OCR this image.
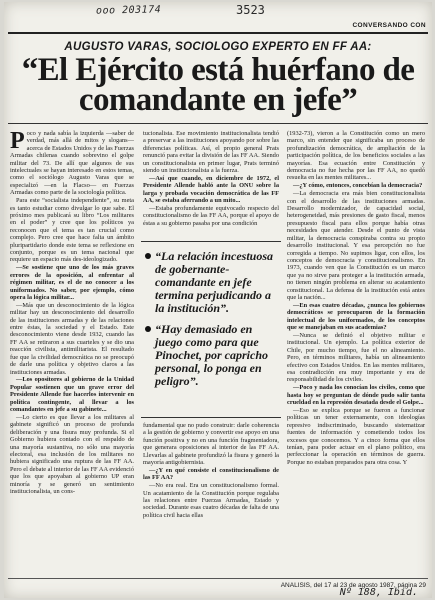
ooo 203174	3523
CONVERSANDO CON
AUGUSTO VARAS, SOCIOLOGO EXPERTO EN FF AA:
“El Ejército está huérfano de comandante en jefe”

Poco y nada sabía la izquierda —saber de verdad, más allá de mitos y slogans— acerca de Estados Unidos y de las Fuerzas Armadas chilenas cuando sobrevino el golpe militar del 73. De allí que algunos de sus intelectuales se hayan interesado en estos temas, como el sociólogo Augusto Varas que se especializó —en la Flacso— en Fuerzas Armadas como parte de la sociología política.

Para este “socialista independiente”, su meta es tanto estudiar como divulgar lo que sabe. El próximo mes publicará su libro “Los militares en el poder” y cree que los políticos ya reconocen que el tema es tan crucial como complejo. Pero cree que hace falta un ámbito pluripartidario donde este tema se reflexione en conjunto, porque es un tema nacional que requiere un espacio más des-ideologizado.

—Se sostiene que uno de los más graves errores de la oposición, al enfrentar al régimen militar, es el de no conocer a los uniformados. No saber, por ejemplo, cómo opera la lógica militar...

—Más que un desconocimiento de la lógica militar hay un desconocimiento del desarrollo de las instituciones armadas y de las relaciones entre éstas, la sociedad y el Estado. Este desconocimiento viene desde 1932, cuando las FF AA se retiraron a sus cuarteles y se dio una reacción civilista, antimilitarista. El resultado fue que la civilidad democrática no se preocupó de darle una política y objetivo claros a las instituciones armadas.

—Los opositores al gobierno de la Unidad Popular sostienen que un grave error del Presidente Allende fue hacerlos intervenir en política contingente, al llevar a los comandantes en jefe a su gabinete...

—Lo cierto es que llevar a los militares al gabinete significó un proceso de profunda deliberación y una fisura muy profunda. Si el Gobierno hubiera contado con el respaldo de una mayoría sustantiva, no sólo una mayoría electoral, esa inclusión de los militares no hubiera significado una ruptura de las FF AA. Pero el debate al interior de las FF AA evidenció que los que apoyaban al gobierno UP eran minoría y se generó un sentimiento institucionalista, un cons-

tucionalista. Ese movimiento institucionalista tendió a preservar a las instituciones apoyando por sobre las diferencias políticas. Así, el propio general Prats renunció para evitar la división de las FF AA. Siendo un constitucionalista en primer lugar, Prats terminó siendo un institucionalista a la fuerza.

—Así que cuando, en diciembre de 1972, el Presidente Allende habló ante la ONU sobre la larga y probada vocación democrática de las FF AA, se estaba aferrando a un mito...

—Estaba profundamente equivocado respecto del constitucionalismo de las FF AA, porque el apoyo de éstas a su gobierno pasaba por una condición

fundamental que no pudo construir: darle coherencia a la gestión de gobierno y convertir ese apoyo en una función positiva y no en una función fragmentadora, que generara oposiciones al interior de las FF AA. Llevarlas al gabinete profundizó la fisura y generó la mayoría antigobiernista.

—¿Y en qué consiste el constitucionalismo de las FF AA?

—No era real. Era un constitucionalismo formal. Un acatamiento de la Constitución porque regulaba las relaciones entre Fuerzas Armadas, Estado y sociedad. Durante esas cuatro décadas de falta de una política civil hacia ellas

“La relación incestuosa de gobernante-comandante en jefe termina perjudicando a la institución”.
“Hay demasiado en juego como para que Pinochet, por capricho personal, lo ponga en peligro”.

(1932-73), vieron a la Constitución como un mero marco, sin entender que significaba un proceso de profundización democrática, de ampliación de la participación política, de los beneficios sociales a las mayorías. Esa ecuación entre Constitución y democracia no fue hecha por las FF AA, no quedó resuelta en las mentes militares...

—¿Y cómo, entonces, concebían la democracia?

—La democracia era más bien constitucionalista con el desarrollo de las instituciones armadas. Desarrollo modernizador, de capacidad social, heterogeneidad, más presiones de gasto fiscal, menos presupuesto fiscal para ellos porque había otras necesidades que atender. Desde el punto de vista militar, la democracia conspiraba contra su propio desarrollo institucional. Y esa percepción no fue corregida a tiempo. No supimos ligar, con ellos, los conceptos de democracia y constitucionalismo. En 1973, cuando ven que la Constitución es un marco que ya no sirve para proteger a la institución armada, no tienen ningún problema en alterar su acatamiento constitucional. La defensa de la institución está antes que la nación...

—En esas cuatro décadas, ¿nunca los gobiernos democráticos se preocuparon de la formación intelectual de los uniformados, de los conceptos que se manejaban en sus academias?

—Nunca se definió el objetivo militar e institucional. Un ejemplo. La política exterior de Chile, por mucho tiempo, fue el no alineamiento. Pero, en términos militares, había un alineamiento efectivo con Estados Unidos. En las mentes militares, esa contradicción era muy importante y era de responsabilidad de los civiles.

—Poco y nada los conocían los civiles, como que hasta hoy se preguntan de dónde pudo salir tanta crueldad en la represión desatada desde el Golpe...

—Eso se explica porque se fueron a funcionar políticas un tener externamente, con ideologías represivo indiscriminado, buscando sistematizar fuentes de información y cometiendo todos los excesos que conocemos. Y a cinco forma que ellos tenían, para poder actuar en el plano político, era perfeccionar la operación en términos de guerra. Porque no estaban preparados para otra cosa. Y

ANALISIS, del 17 al 23 de agosto 1987, página 29
Nº 188, Ibid.
